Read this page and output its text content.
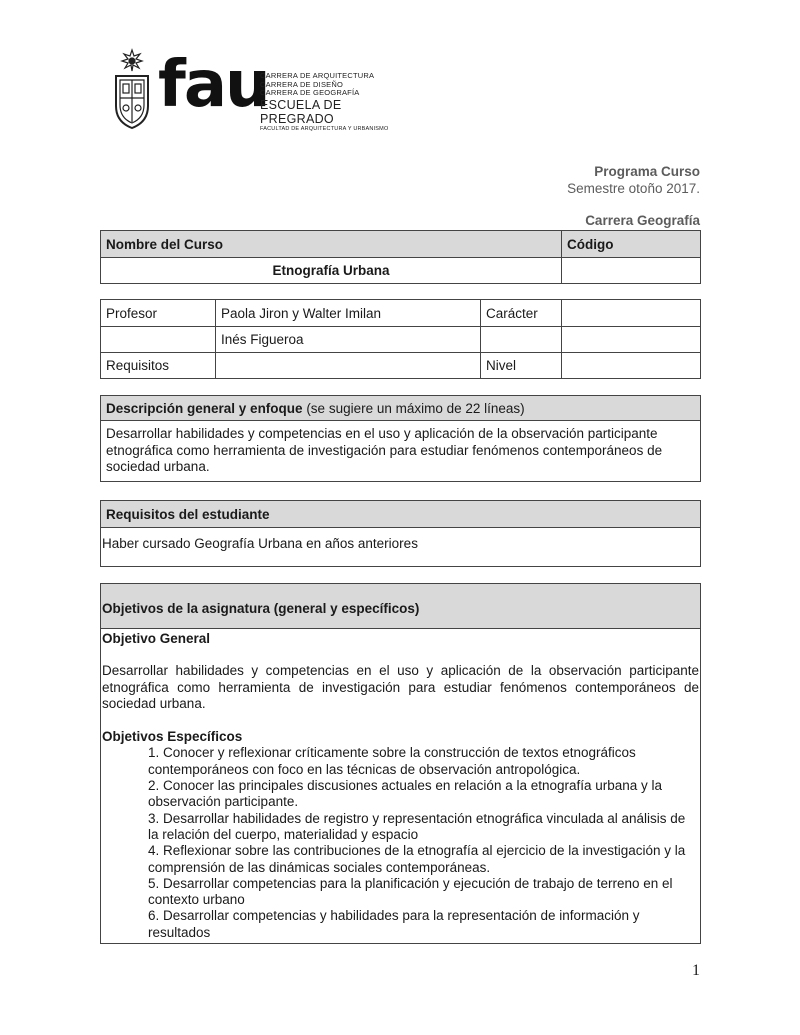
fau
CARRERA DE ARQUITECTURA
CARRERA DE DISEÑO
CARRERA DE GEOGRAFÍA
ESCUELA DE PREGRADO
FACULTAD DE ARQUITECTURA Y URBANISMO
Programa Curso
Semestre otoño 2017.
Carrera Geografía
Nombre del Curso	Código
Etnografía Urbana	
Profesor	Paola Jiron y Walter Imilan	Carácter	
	Inés Figueroa		
Requisitos		Nivel	
Descripción general y enfoque (se sugiere un máximo de 22 líneas)
Desarrollar habilidades y competencias en el uso y aplicación de la observación participante etnográfica como herramienta de investigación para estudiar fenómenos contemporáneos de sociedad urbana.
Requisitos del estudiante
Haber cursado Geografía Urbana en años anteriores
Objetivos de la asignatura (general y específicos)
Objetivo General
Desarrollar habilidades y competencias en el uso y aplicación de la observación participante etnográfica como herramienta de investigación para estudiar fenómenos contemporáneos de sociedad urbana.
Objetivos Específicos
1. Conocer y reflexionar críticamente sobre la construcción de textos etnográficos contemporáneos con foco en las técnicas de observación antropológica.
2. Conocer las principales discusiones actuales en relación a la etnografía urbana y la observación participante.
3. Desarrollar habilidades de registro y representación etnográfica vinculada al análisis de la relación del cuerpo, materialidad y espacio
4. Reflexionar sobre las contribuciones de la etnografía al ejercicio de la investigación y la comprensión de las dinámicas sociales contemporáneas.
5. Desarrollar competencias para la planificación y ejecución de trabajo de terreno en el contexto urbano
6. Desarrollar competencias y habilidades para la representación de información y resultados
1
